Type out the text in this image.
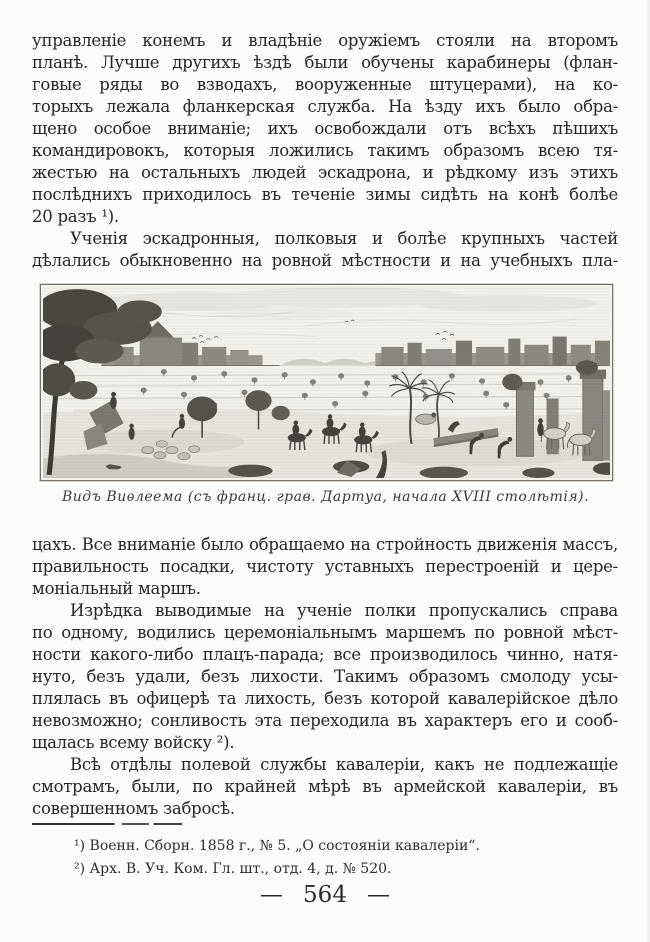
управленіе конемъ и владѣніе оружіемъ стояли на второмъ
планѣ. Лучше другихъ ѣздѣ были обучены карабинеры (флан-
говые ряды во взводахъ, вооруженные штуцерами), на ко-
торыхъ лежала фланкерская служба. На ѣзду ихъ было обра-
щено особое вниманіе; ихъ освобождали отъ всѣхъ пѣшихъ
командировокъ, которыя ложились такимъ образомъ всею тя-
жестью на остальныхъ людей эскадрона, и рѣдкому изъ этихъ
послѣднихъ приходилось въ теченіе зимы сидѣть на конѣ болѣе
20 разъ ¹).
Ученія эскадронныя, полковыя и болѣе крупныхъ частей
дѣлались обыкновенно на ровной мѣстности и на учебныхъ пла-
Видъ Виѳлеема (съ франц. грав. Дартуа, начала XVIII столѣтія).
цахъ. Все вниманіе было обращаемо на стройность движенія массъ,
правильность посадки, чистоту уставныхъ перестроеній и цере-
моніальный маршъ.
Изрѣдка выводимые на ученіе полки пропускались справа
по одному, водились церемоніальнымъ маршемъ по ровной мѣст-
ности какого-либо плацъ-парада; все производилось чинно, натя-
нуто, безъ удали, безъ лихости. Такимъ образомъ смолоду усы-
плялась въ офицерѣ та лихость, безъ которой кавалерійское дѣло
невозможно; сонливость эта переходила въ характеръ его и сооб-
щалась всему войску ²).
Всѣ отдѣлы полевой службы кавалеріи, какъ не подлежащіе
смотрамъ, были, по крайней мѣрѣ въ армейской кавалеріи, въ
совершенномъ забросѣ.
¹) Военн. Сборн. 1858 г., № 5. „О состояніи кавалеріи“.
²) Арх. В. Уч. Ком. Гл. шт., отд. 4, д. № 520.
— 564 —
